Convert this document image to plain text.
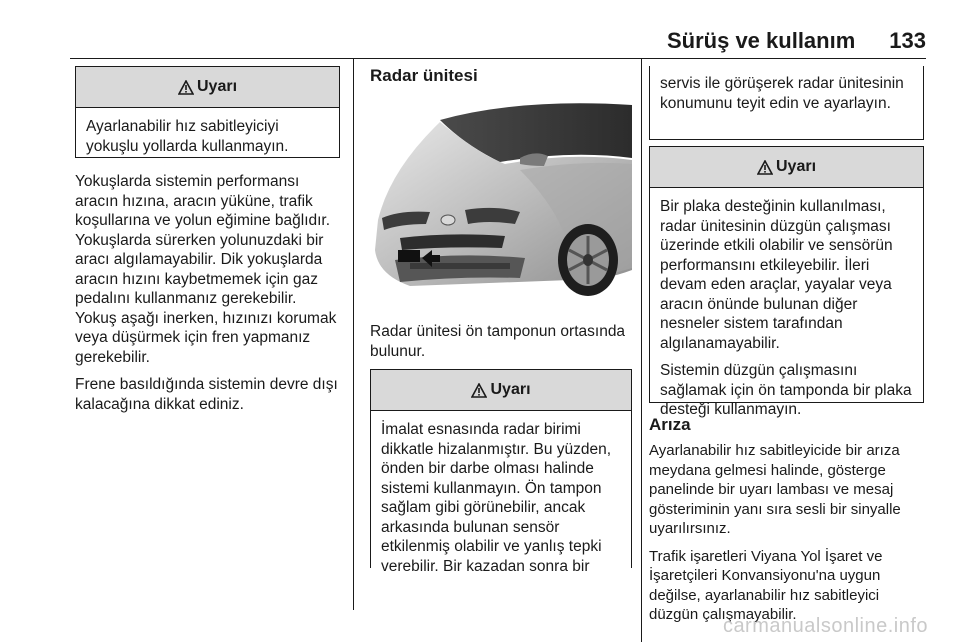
Sürüş ve kullanım 133
Uyarı

Ayarlanabilir hız sabitleyiciyi yokuşlu yollarda kullanmayın.

Yokuşlarda sistemin performansı aracın hızına, aracın yüküne, trafik koşullarına ve yolun eğimine bağlıdır. Yokuşlarda sürerken yolunuzdaki bir aracı algılamayabilir. Dik yokuşlarda aracın hızını kaybetmemek için gaz pedalını kullanmanız gerekebilir. Yokuş aşağı inerken, hızınızı korumak veya düşürmek için fren yapmanız gerekebilir.

Frene basıldığında sistemin devre dışı kalacağına dikkat ediniz.

Radar ünitesi

Radar ünitesi ön tamponun ortasında bulunur.

Uyarı

İmalat esnasında radar birimi dikkatle hizalanmıştır. Bu yüzden, önden bir darbe olması halinde sistemi kullanmayın. Ön tampon sağlam gibi görünebilir, ancak arkasında bulunan sensör etkilenmiş olabilir ve yanlış tepki verebilir. Bir kazadan sonra bir

servis ile görüşerek radar ünitesinin konumunu teyit edin ve ayarlayın.

Uyarı

Bir plaka desteğinin kullanılması, radar ünitesinin düzgün çalışması üzerinde etkili olabilir ve sensörün performansını etkileyebilir. İleri devam eden araçlar, yayalar veya aracın önünde bulunan diğer nesneler sistem tarafından algılanamayabilir.

Sistemin düzgün çalışmasını sağlamak için ön tamponda bir plaka desteği kullanmayın.

Arıza

Ayarlanabilir hız sabitleyicide bir arıza meydana gelmesi halinde, gösterge panelinde bir uyarı lambası ve mesaj gösteriminin yanı sıra sesli bir sinyalle uyarılırsınız.

Trafik işaretleri Viyana Yol İşaret ve İşaretçileri Konvansiyonu'na uygun değilse, ayarlanabilir hız sabitleyici düzgün çalışmayabilir.

carmanualsonline.info
